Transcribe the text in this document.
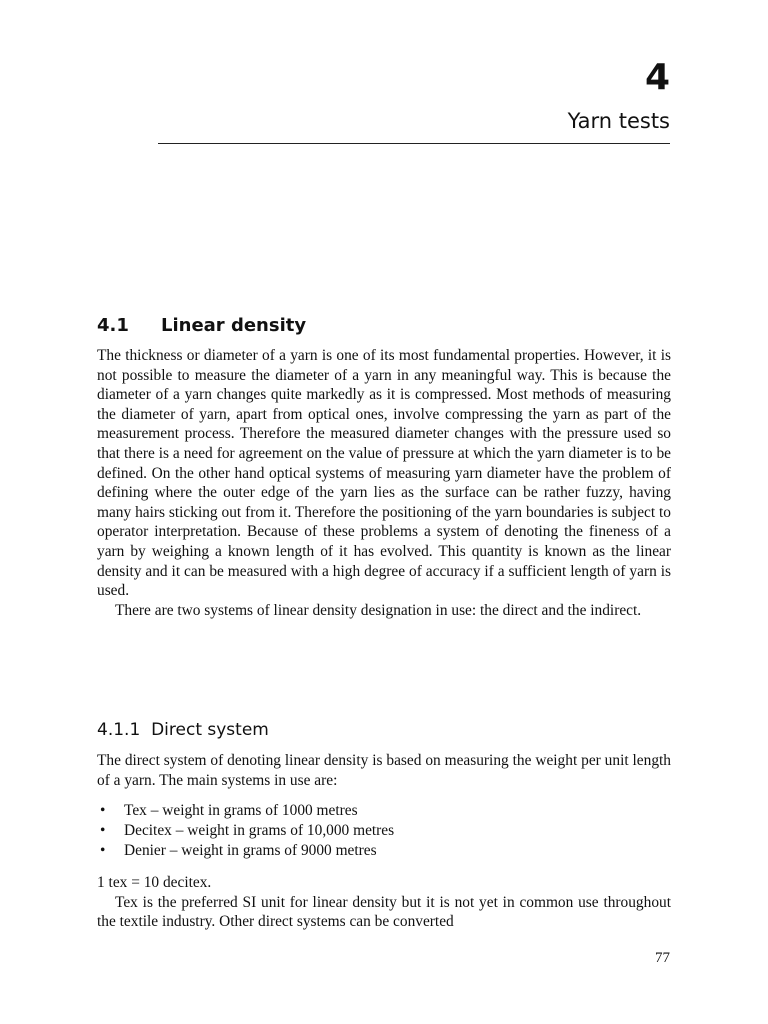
4
Yarn tests
4.1 Linear density

The thickness or diameter of a yarn is one of its most fundamental properties. However, it is not possible to measure the diameter of a yarn in any meaningful way. This is because the diameter of a yarn changes quite markedly as it is compressed. Most methods of measuring the diameter of yarn, apart from optical ones, involve compressing the yarn as part of the measurement process. Therefore the measured diameter changes with the pressure used so that there is a need for agreement on the value of pressure at which the yarn diameter is to be defined. On the other hand optical systems of measuring yarn diameter have the problem of defining where the outer edge of the yarn lies as the surface can be rather fuzzy, having many hairs sticking out from it. Therefore the positioning of the yarn boundaries is subject to operator interpretation. Because of these problems a system of denoting the fineness of a yarn by weighing a known length of it has evolved. This quantity is known as the linear density and it can be measured with a high degree of accuracy if a sufficient length of yarn is used.

There are two systems of linear density designation in use: the direct and the indirect.

4.1.1 Direct system

The direct system of denoting linear density is based on measuring the weight per unit length of a yarn. The main systems in use are:

• Tex – weight in grams of 1000 metres
• Decitex – weight in grams of 10,000 metres
• Denier – weight in grams of 9000 metres

1 tex = 10 decitex.

Tex is the preferred SI unit for linear density but it is not yet in common use throughout the textile industry. Other direct systems can be converted

77
